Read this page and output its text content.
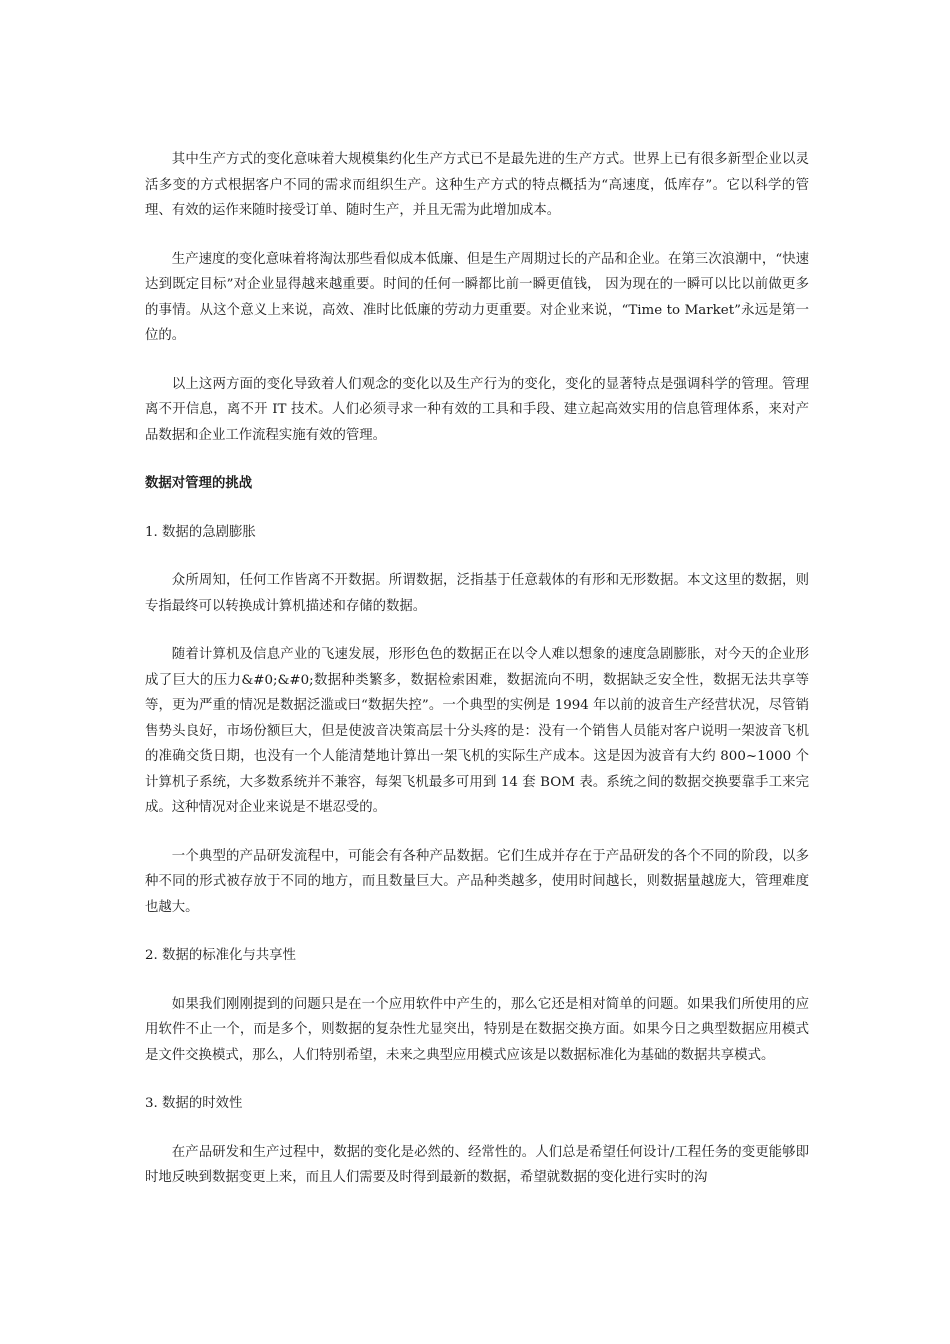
其中生产方式的变化意味着大规模集约化生产方式已不是最先进的生产方式。世界上已有很多新型企业以灵活多变的方式根据客户不同的需求而组织生产。这种生产方式的特点概括为“高速度，低库存”。它以科学的管理、有效的运作来随时接受订单、随时生产，并且无需为此增加成本。

生产速度的变化意味着将淘汰那些看似成本低廉、但是生产周期过长的产品和企业。在第三次浪潮中，“快速达到既定目标”对企业显得越来越重要。时间的任何一瞬都比前一瞬更值钱， 因为现在的一瞬可以比以前做更多的事情。从这个意义上来说，高效、准时比低廉的劳动力更重要。对企业来说，“Time to Market”永远是第一位的。

以上这两方面的变化导致着人们观念的变化以及生产行为的变化，变化的显著特点是强调科学的管理。管理离不开信息，离不开 IT 技术。人们必须寻求一种有效的工具和手段、建立起高效实用的信息管理体系，来对产品数据和企业工作流程实施有效的管理。

数据对管理的挑战

1. 数据的急剧膨胀

众所周知，任何工作皆离不开数据。所谓数据，泛指基于任意载体的有形和无形数据。本文这里的数据，则专指最终可以转换成计算机描述和存储的数据。

随着计算机及信息产业的飞速发展，形形色色的数据正在以令人难以想象的速度急剧膨胀，对今天的企业形成了巨大的压力&#0;&#0;数据种类繁多，数据检索困难，数据流向不明，数据缺乏安全性，数据无法共享等等，更为严重的情况是数据泛滥或曰“数据失控”。一个典型的实例是 1994 年以前的波音生产经营状况，尽管销售势头良好，市场份额巨大，但是使波音决策高层十分头疼的是：没有一个销售人员能对客户说明一架波音飞机的准确交货日期，也没有一个人能清楚地计算出一架飞机的实际生产成本。这是因为波音有大约 800~1000 个计算机子系统，大多数系统并不兼容，每架飞机最多可用到 14 套 BOM 表。系统之间的数据交换要靠手工来完成。这种情况对企业来说是不堪忍受的。

一个典型的产品研发流程中，可能会有各种产品数据。它们生成并存在于产品研发的各个不同的阶段，以多种不同的形式被存放于不同的地方，而且数量巨大。产品种类越多，使用时间越长，则数据量越庞大，管理难度也越大。

2. 数据的标准化与共享性

如果我们刚刚提到的问题只是在一个应用软件中产生的，那么它还是相对简单的问题。如果我们所使用的应用软件不止一个，而是多个，则数据的复杂性尤显突出，特别是在数据交换方面。如果今日之典型数据应用模式是文件交换模式，那么，人们特别希望，未来之典型应用模式应该是以数据标准化为基础的数据共享模式。

3. 数据的时效性

在产品研发和生产过程中，数据的变化是必然的、经常性的。人们总是希望任何设计/工程任务的变更能够即时地反映到数据变更上来，而且人们需要及时得到最新的数据，希望就数据的变化进行实时的沟
